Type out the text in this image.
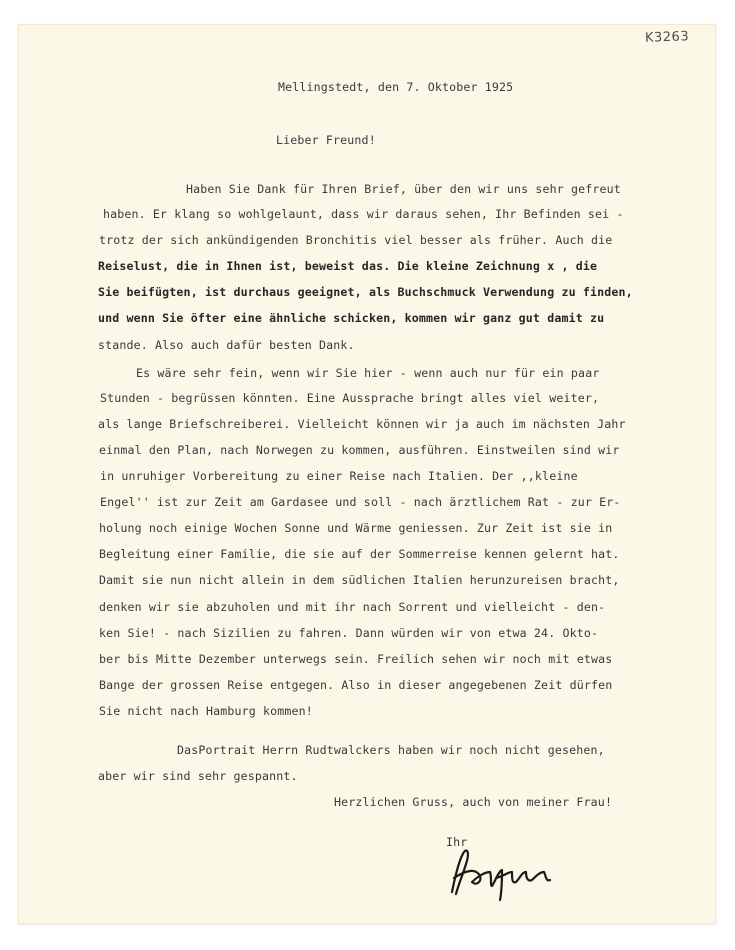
K3263
Mellingstedt, den 7. Oktober 1925
Lieber Freund!
Haben Sie Dank für Ihren Brief, über den wir uns sehr gefreut
haben. Er klang so wohlgelaunt, dass wir daraus sehen, Ihr Befinden sei -
trotz der sich ankündigenden Bronchitis viel besser als früher. Auch die
Reiselust, die in Ihnen ist, beweist das. Die kleine Zeichnung x , die
Sie beifügten, ist durchaus geeignet, als Buchschmuck Verwendung zu finden,
und wenn Sie öfter eine ähnliche schicken, kommen wir ganz gut damit zu
stande. Also auch dafür besten Dank.
Es wäre sehr fein, wenn wir Sie hier - wenn auch nur für ein paar
Stunden - begrüssen könnten. Eine Aussprache bringt alles viel weiter,
als lange Briefschreiberei. Vielleicht können wir ja auch im nächsten Jahr
einmal den Plan, nach Norwegen zu kommen, ausführen. Einstweilen sind wir
in unruhiger Vorbereitung zu einer Reise nach Italien. Der ,,kleine
Engel'' ist zur Zeit am Gardasee und soll - nach ärztlichem Rat - zur Er-
holung noch einige Wochen Sonne und Wärme geniessen. Zur Zeit ist sie in
Begleitung einer Familie, die sie auf der Sommerreise kennen gelernt hat.
Damit sie nun nicht allein in dem südlichen Italien herunzureisen bracht,
denken wir sie abzuholen und mit ihr nach Sorrent und vielleicht - den-
ken Sie! - nach Sizilien zu fahren. Dann würden wir von etwa 24. Okto-
ber bis Mitte Dezember unterwegs sein. Freilich sehen wir noch mit etwas
Bange der grossen Reise entgegen. Also in dieser angegebenen Zeit dürfen
Sie nicht nach Hamburg kommen!
DasPortrait Herrn Rudtwalckers haben wir noch nicht gesehen,
aber wir sind sehr gespannt.
Herzlichen Gruss, auch von meiner Frau!
Ihr
